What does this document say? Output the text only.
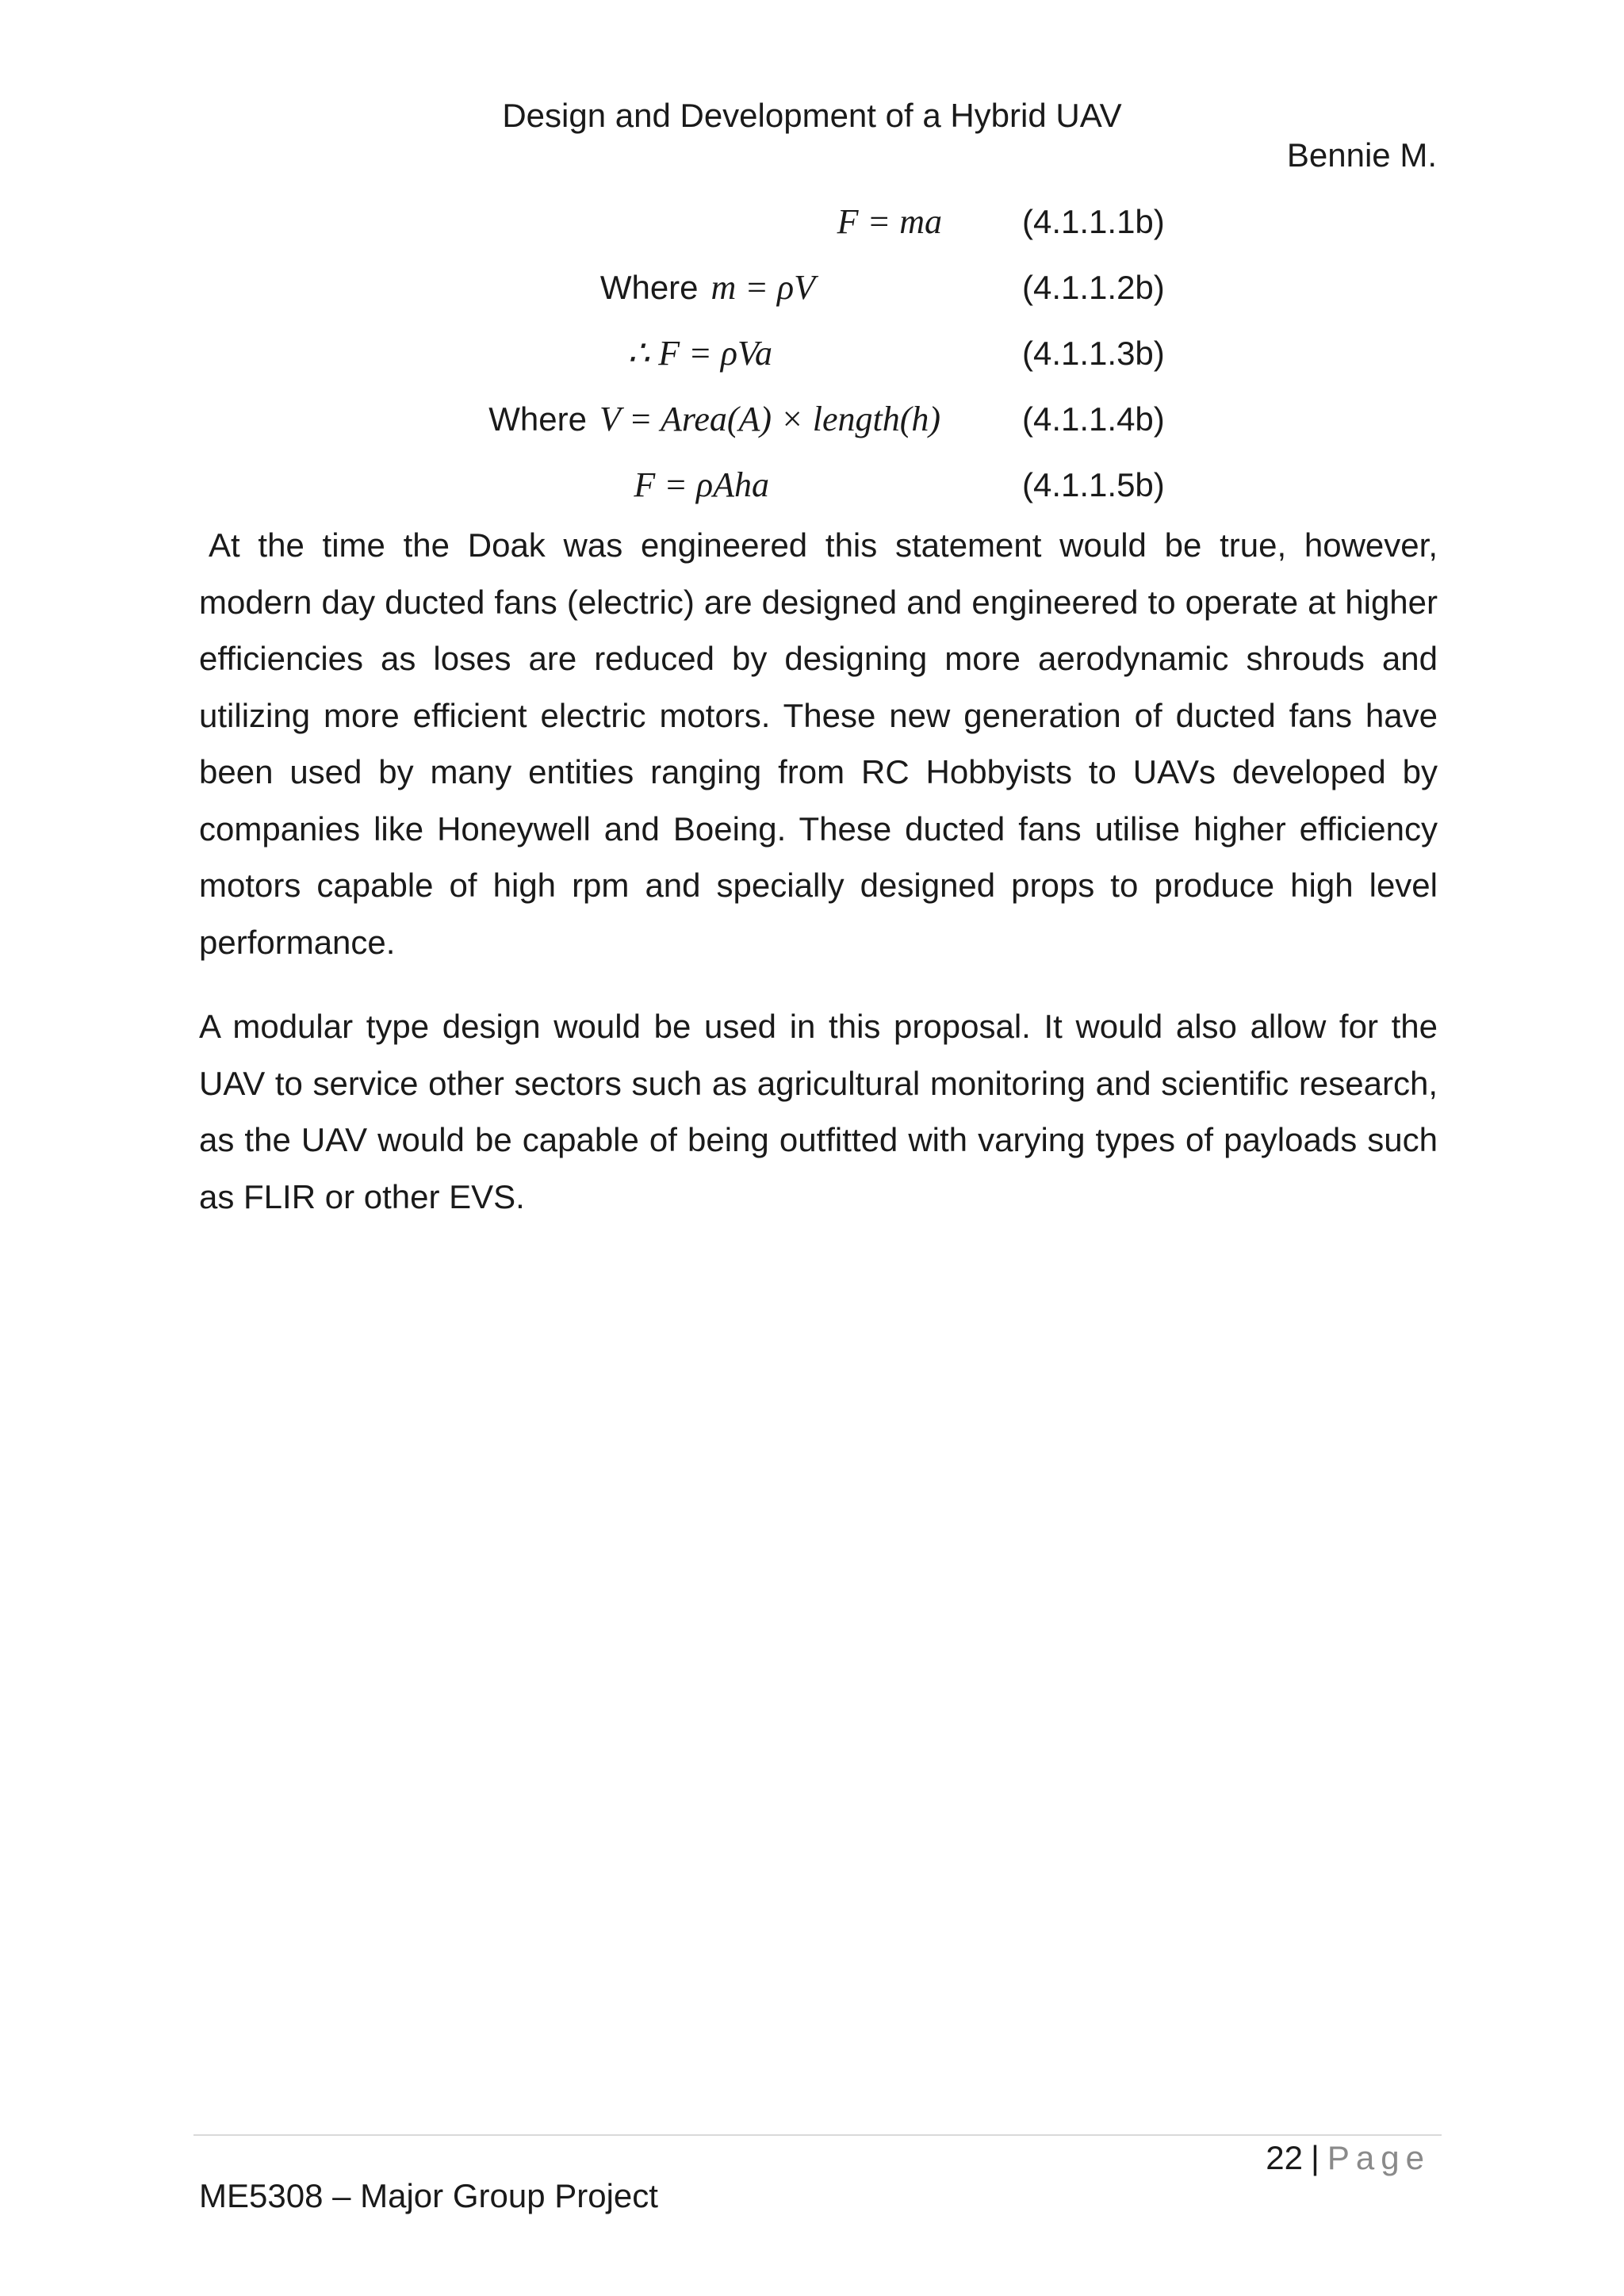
Design and Development of a Hybrid UAV
Bennie M.
F = ma (4.1.1.1b)
Where m = ρV	(4.1.1.2b)
∴ F = ρVa	(4.1.1.3b)
Where V = Area(A) × length(h) (4.1.1.4b)
F = ρAha	(4.1.1.5b)

At the time the Doak was engineered this statement would be true, however, modern day ducted fans (electric) are designed and engineered to operate at higher efficiencies as loses are reduced by designing more aerodynamic shrouds and utilizing more efficient electric motors. These new generation of ducted fans have been used by many entities ranging from RC Hobbyists to UAVs developed by companies like Honeywell and Boeing. These ducted fans utilise higher efficiency motors capable of high rpm and specially designed props to produce high level performance.

A modular type design would be used in this proposal. It would also allow for the UAV to service other sectors such as agricultural monitoring and scientific research, as the UAV would be capable of being outfitted with varying types of payloads such as FLIR or other EVS.

22 | Page
ME5308 – Major Group Project
